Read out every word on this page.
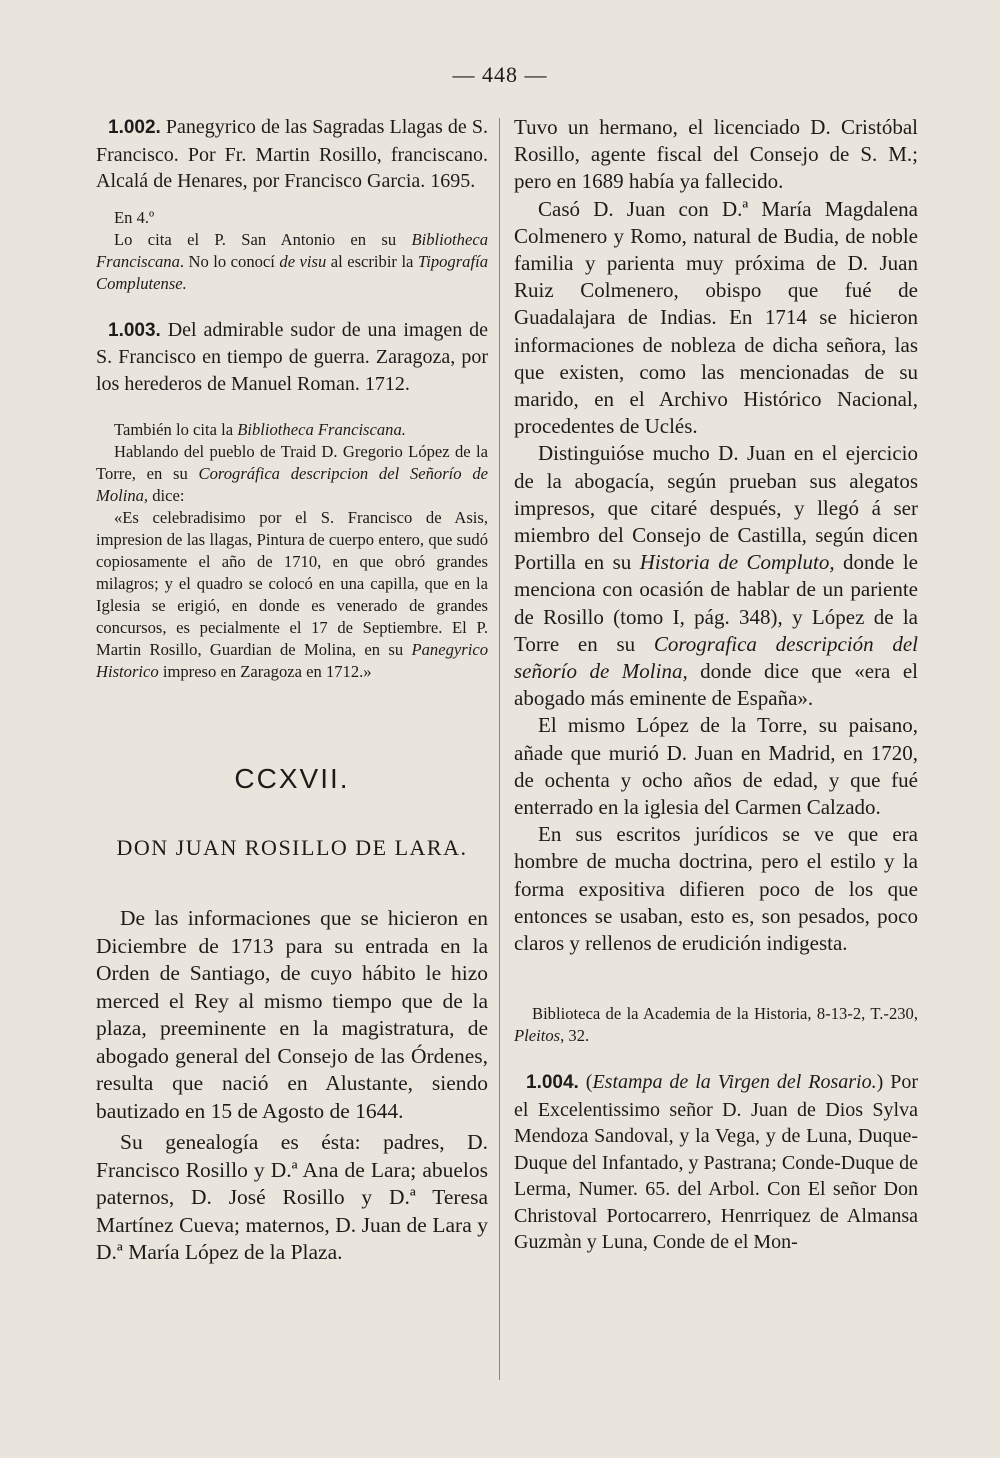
— 448 —

1.002. Panegyrico de las Sagradas Llagas de S. Francisco. Por Fr. Martin Rosillo, franciscano. Alcalá de Henares, por Francisco Garcia. 1695.

En 4.º

Lo cita el P. San Antonio en su Bibliotheca Franciscana. No lo conocí de visu al escribir la Tipografía Complutense.

1.003. Del admirable sudor de una imagen de S. Francisco en tiempo de guerra. Zaragoza, por los herederos de Manuel Roman. 1712.

También lo cita la Bibliotheca Franciscana.

Hablando del pueblo de Traid D. Gregorio López de la Torre, en su Corográfica descripcion del Señorío de Molina, dice:

«Es celebradisimo por el S. Francisco de Asis, impresion de las llagas, Pintura de cuerpo entero, que sudó copiosamente el año de 1710, en que obró grandes milagros; y el quadro se colocó en una capilla, que en la Iglesia se erigió, en donde es venerado de grandes concursos, es pecialmente el 17 de Septiembre. El P. Martin Rosillo, Guardian de Molina, en su Panegyrico Historico impreso en Zaragoza en 1712.»

CCXVII.
DON JUAN ROSILLO DE LARA.

De las informaciones que se hicieron en Diciembre de 1713 para su entrada en la Orden de Santiago, de cuyo hábito le hizo merced el Rey al mismo tiempo que de la plaza, preeminente en la magistratura, de abogado general del Consejo de las Órdenes, resulta que nació en Alustante, siendo bautizado en 15 de Agosto de 1644.

Su genealogía es ésta: padres, D. Francisco Rosillo y D.ª Ana de Lara; abuelos paternos, D. José Rosillo y D.ª Teresa Martínez Cueva; maternos, D. Juan de Lara y D.ª María López de la Plaza.

Tuvo un hermano, el licenciado D. Cristóbal Rosillo, agente fiscal del Consejo de S. M.; pero en 1689 había ya fallecido.

Casó D. Juan con D.ª María Magdalena Colmenero y Romo, natural de Budia, de noble familia y parienta muy próxima de D. Juan Ruiz Colmenero, obispo que fué de Guadalajara de Indias. En 1714 se hicieron informaciones de nobleza de dicha señora, las que existen, como las mencionadas de su marido, en el Archivo Histórico Nacional, procedentes de Uclés.

Distinguióse mucho D. Juan en el ejercicio de la abogacía, según prueban sus alegatos impresos, que citaré después, y llegó á ser miembro del Consejo de Castilla, según dicen Portilla en su Historia de Compluto, donde le menciona con ocasión de hablar de un pariente de Rosillo (tomo I, pág. 348), y López de la Torre en su Corografica descripción del señorío de Molina, donde dice que «era el abogado más eminente de España».

El mismo López de la Torre, su paisano, añade que murió D. Juan en Madrid, en 1720, de ochenta y ocho años de edad, y que fué enterrado en la iglesia del Carmen Calzado.

En sus escritos jurídicos se ve que era hombre de mucha doctrina, pero el estilo y la forma expositiva difieren poco de los que entonces se usaban, esto es, son pesados, poco claros y rellenos de erudición indigesta.

Biblioteca de la Academia de la Historia, 8-13-2, T.-230, Pleitos, 32.

1.004. (Estampa de la Virgen del Rosario.) Por el Excelentissimo señor D. Juan de Dios Sylva Mendoza Sandoval, y la Vega, y de Luna, Duque-Duque del Infantado, y Pastrana; Conde-Duque de Lerma, Numer. 65. del Arbol. Con El señor Don Christoval Portocarrero, Henrriquez de Almansa Guzmàn y Luna, Conde de el Mon-
